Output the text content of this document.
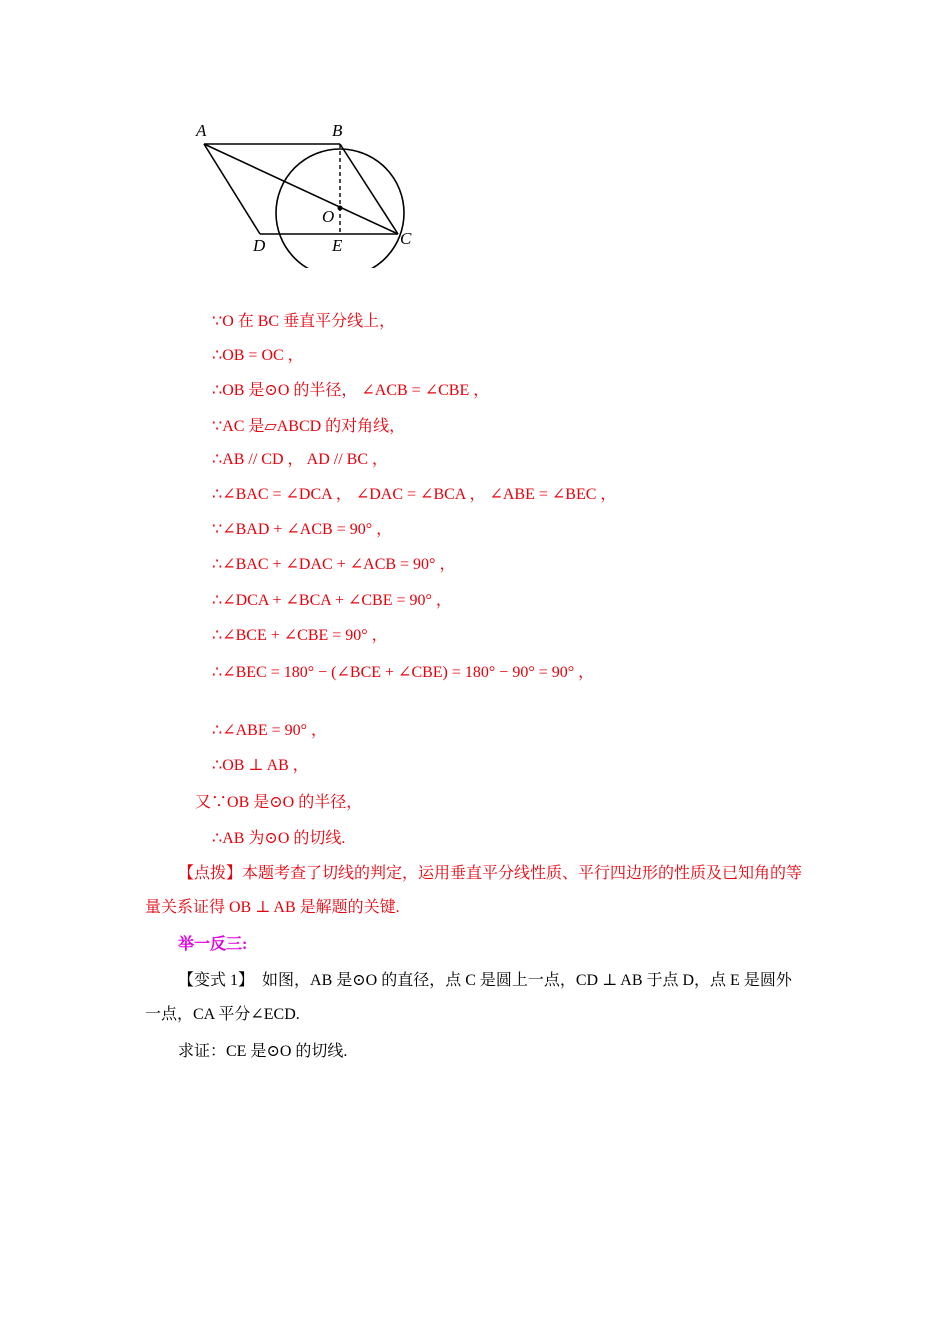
A	B
C
D	E
O
∵O 在 BC 垂直平分线上，
∴OB = OC ，
∴OB 是⊙O 的半径， ∠ACB = ∠CBE ，
∵AC 是▱ABCD 的对角线，
∴AB // CD ， AD // BC ，
∴∠BAC = ∠DCA ， ∠DAC = ∠BCA ， ∠ABE = ∠BEC ，
∵∠BAD + ∠ACB = 90° ，
∴∠BAC + ∠DAC + ∠ACB = 90° ，
∴∠DCA + ∠BCA + ∠CBE = 90° ，
∴∠BCE + ∠CBE = 90° ，
∴∠BEC = 180° − (∠BCE + ∠CBE) = 180° − 90° = 90° ，
∴∠ABE = 90° ，
∴OB ⊥ AB ，
又∵OB 是⊙O 的半径，
∴AB 为⊙O 的切线.
【点拨】本题考查了切线的判定，运用垂直平分线性质、平行四边形的性质及已知角的等量关系证得 OB ⊥ AB 是解题的关键.
举一反三:
【变式 1】 如图，AB 是⊙O 的直径，点 C 是圆上一点，CD ⊥ AB 于点 D，点 E 是圆外一点，CA 平分∠ECD.
求证：CE 是⊙O 的切线.
